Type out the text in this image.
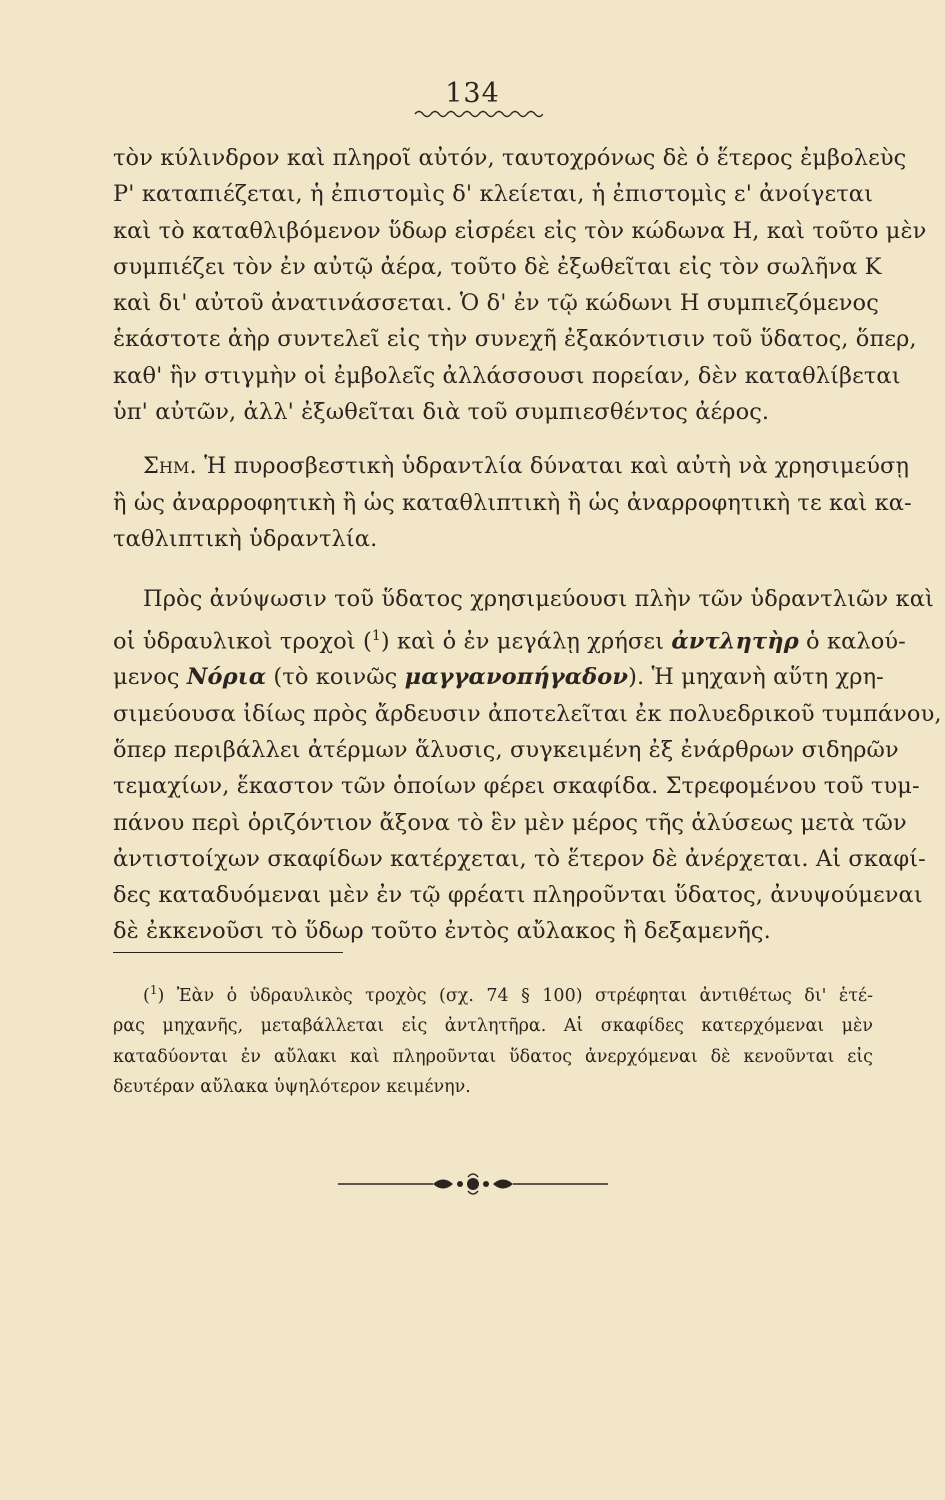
134
τὸν κύλινδρον καὶ πληροῖ αὐτόν, ταυτοχρόνως δὲ ὁ ἕτερος ἐμβολεὺς
Ρ' καταπιέζεται, ἡ ἐπιστομὶς δ' κλείεται, ἡ ἐπιστομὶς ε' ἀνοίγεται
καὶ τὸ καταθλιβόμενον ὕδωρ εἰσρέει εἰς τὸν κώδωνα Η, καὶ τοῦτο μὲν
συμπιέζει τὸν ἐν αὐτῷ ἀέρα, τοῦτο δὲ ἐξωθεῖται εἰς τὸν σωλῆνα Κ
καὶ δι' αὐτοῦ ἀνατινάσσεται. Ὁ δ' ἐν τῷ κώδωνι Η συμπιεζόμενος
ἑκάστοτε ἀὴρ συντελεῖ εἰς τὴν συνεχῆ ἐξακόντισιν τοῦ ὕδατος, ὅπερ,
καθ' ἣν στιγμὴν οἱ ἐμβολεῖς ἀλλάσσουσι πορείαν, δὲν καταθλίβεται
ὑπ' αὐτῶν, ἀλλ' ἐξωθεῖται διὰ τοῦ συμπιεσθέντος ἀέρος.
Σημ. Ἡ πυροσβεστικὴ ὑδραντλία δύναται καὶ αὐτὴ νὰ χρησιμεύσῃ
ἢ ὡς ἀναρροφητικὴ ἢ ὡς καταθλιπτικὴ ἢ ὡς ἀναρροφητικὴ τε καὶ κα-
ταθλιπτικὴ ὑδραντλία.
Πρὸς ἀνύψωσιν τοῦ ὕδατος χρησιμεύουσι πλὴν τῶν ὑδραντλιῶν καὶ
οἱ ὑδραυλικοὶ τροχοὶ ($^1$) καὶ ὁ ἐν μεγάλῃ χρήσει ἀντλητὴρ ὁ καλού-
μενος Νόρια (τὸ κοινῶς μαγγανοπήγαδον). Ἡ μηχανὴ αὕτη χρη-
σιμεύουσα ἰδίως πρὸς ἄρδευσιν ἀποτελεῖται ἐκ πολυεδρικοῦ τυμπάνου,
ὅπερ περιβάλλει ἀτέρμων ἅλυσις, συγκειμένη ἐξ ἐνάρθρων σιδηρῶν
τεμαχίων, ἕκαστον τῶν ὁποίων φέρει σκαφίδα. Στρεφομένου τοῦ τυμ-
πάνου περὶ ὁριζόντιον ἄξονα τὸ ἓν μὲν μέρος τῆς ἁλύσεως μετὰ τῶν
ἀντιστοίχων σκαφίδων κατέρχεται, τὸ ἕτερον δὲ ἀνέρχεται. Αἱ σκαφί-
δες καταδυόμεναι μὲν ἐν τῷ φρέατι πληροῦνται ὕδατος, ἀνυψούμεναι
δὲ ἐκκενοῦσι τὸ ὕδωρ τοῦτο ἐντὸς αὔλακος ἢ δεξαμενῆς.
($^1$) Ἐὰν ὁ ὑδραυλικὸς τροχὸς (σχ. 74 § 100) στρέφηται ἀντιθέτως δι' ἑτέ-
ρας μηχανῆς, μεταβάλλεται εἰς ἀντλητῆρα. Αἱ σκαφίδες κατερχόμεναι μὲν
καταδύονται ἐν αὔλακι καὶ πληροῦνται ὕδατος ἀνερχόμεναι δὲ κενοῦνται εἰς
δευτέραν αὔλακα ὑψηλότερον κειμένην.
